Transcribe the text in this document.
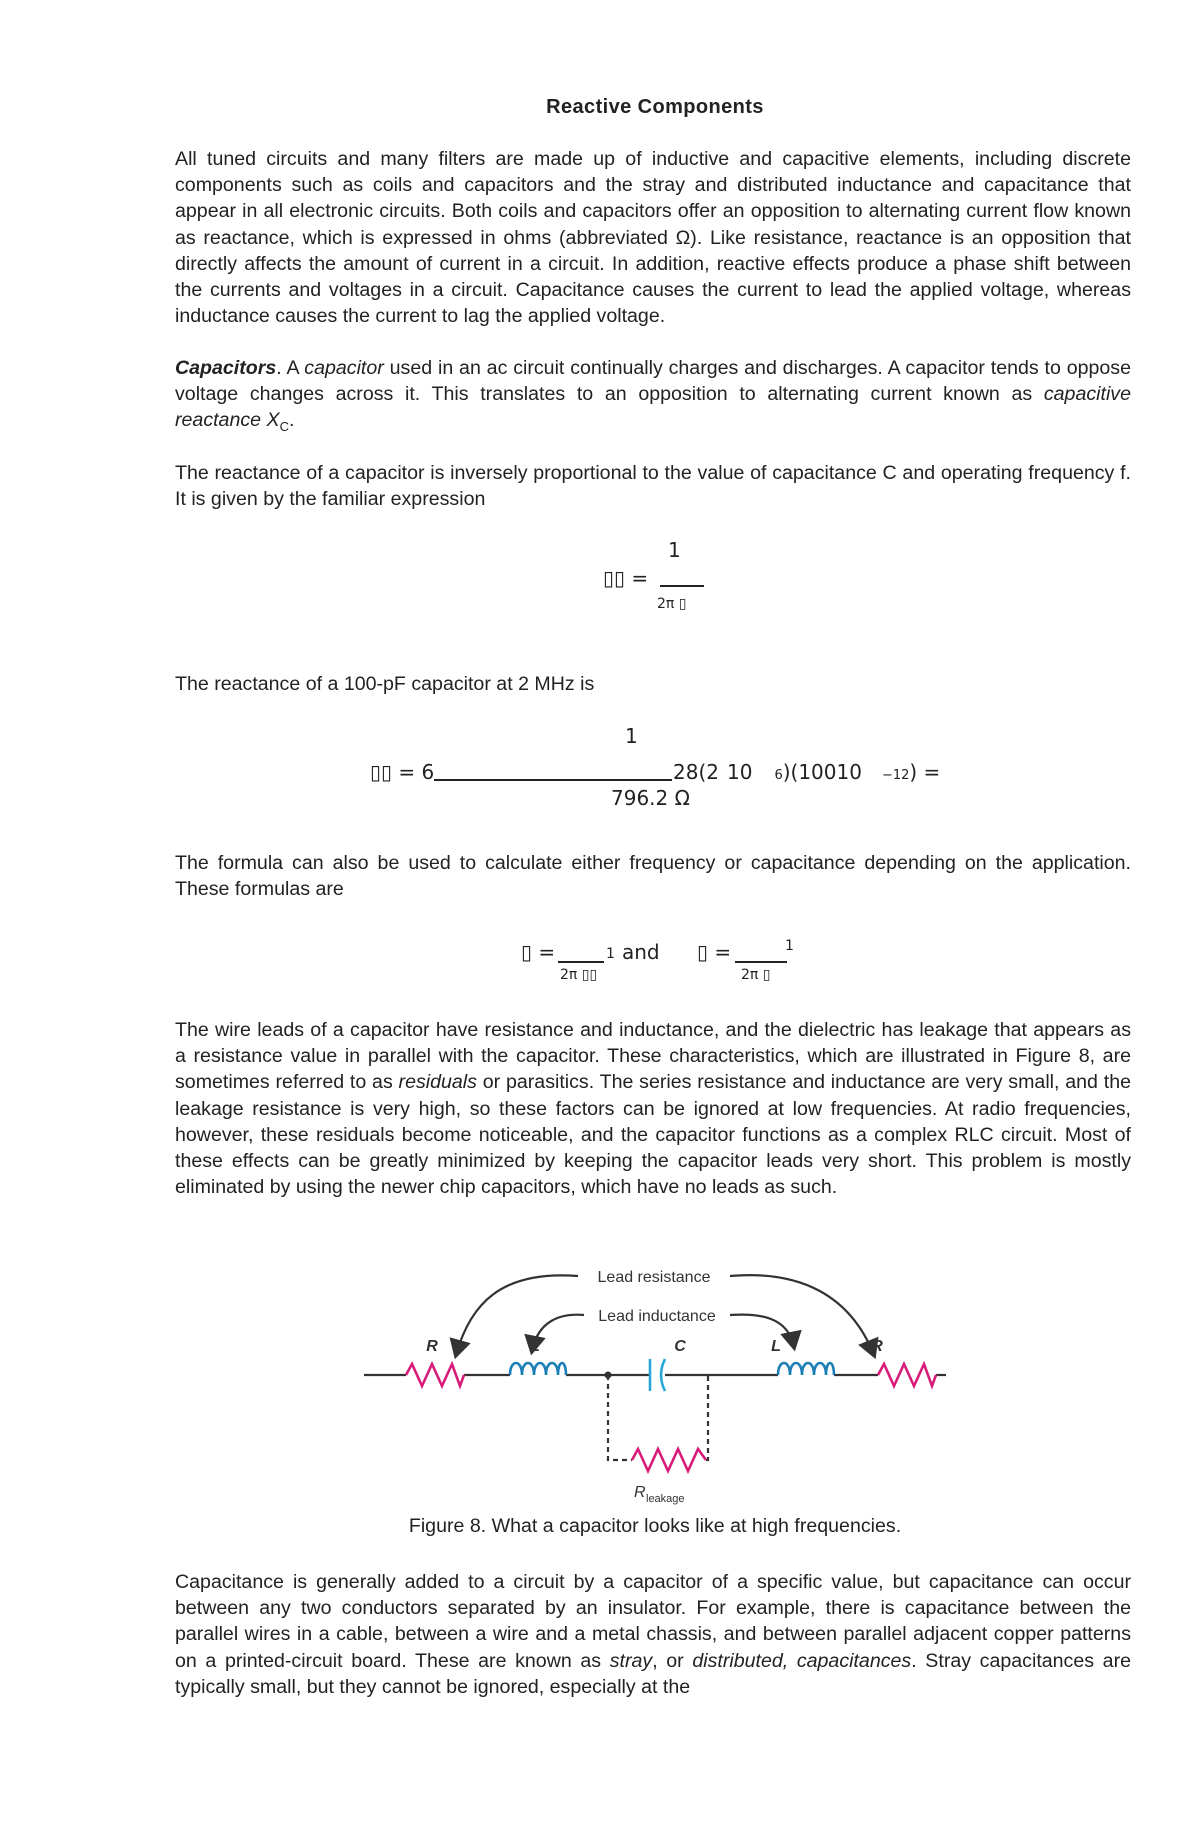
Reactive Components

All tuned circuits and many filters are made up of inductive and capacitive elements, including discrete components such as coils and capacitors and the stray and distributed inductance and capacitance that appear in all electronic circuits. Both coils and capacitors offer an opposition to alternating current flow known as reactance, which is expressed in ohms (abbreviated Ω). Like resistance, reactance is an opposition that directly affects the amount of current in a circuit. In addition, reactive effects produce a phase shift between the currents and voltages in a circuit. Capacitance causes the current to lead the applied voltage, whereas inductance causes the current to lag the applied voltage.

Capacitors. A capacitor used in an ac circuit continually charges and discharges. A capacitor tends to oppose voltage changes across it. This translates to an opposition to alternating current known as capacitive reactance $X_C$.

The reactance of a capacitor is inversely proportional to the value of capacitance C and operating frequency f. It is given by the familiar expression

1
▯▯ =
2π ▯

The reactance of a 100-pF capacitor at 2 MHz is

1
▯▯ = 6	28(2 10 6)(10010 −12) =
796.2 Ω

The formula can also be used to calculate either frequency or capacitance depending on the application. These formulas are

▯ =	1
2π ▯▯
and ▯ =	1
2π ▯

The wire leads of a capacitor have resistance and inductance, and the dielectric has leakage that appears as a resistance value in parallel with the capacitor. These characteristics, which are illustrated in Figure 8, are sometimes referred to as residuals or parasitics. The series resistance and inductance are very small, and the leakage resistance is very high, so these factors can be ignored at low frequencies. At radio frequencies, however, these residuals become noticeable, and the capacitor functions as a complex RLC circuit. Most of these effects can be greatly minimized by keeping the capacitor leads very short. This problem is mostly eliminated by using the newer chip capacitors, which have no leads as such.

Lead resistance
Lead inductance
R	L	C	L	R
R leakage
Figure 8. What a capacitor looks like at high frequencies.

Capacitance is generally added to a circuit by a capacitor of a specific value, but capacitance can occur between any two conductors separated by an insulator. For example, there is capacitance between the parallel wires in a cable, between a wire and a metal chassis, and between parallel adjacent copper patterns on a printed-circuit board. These are known as stray, or distributed, capacitances. Stray capacitances are typically small, but they cannot be ignored, especially at the
